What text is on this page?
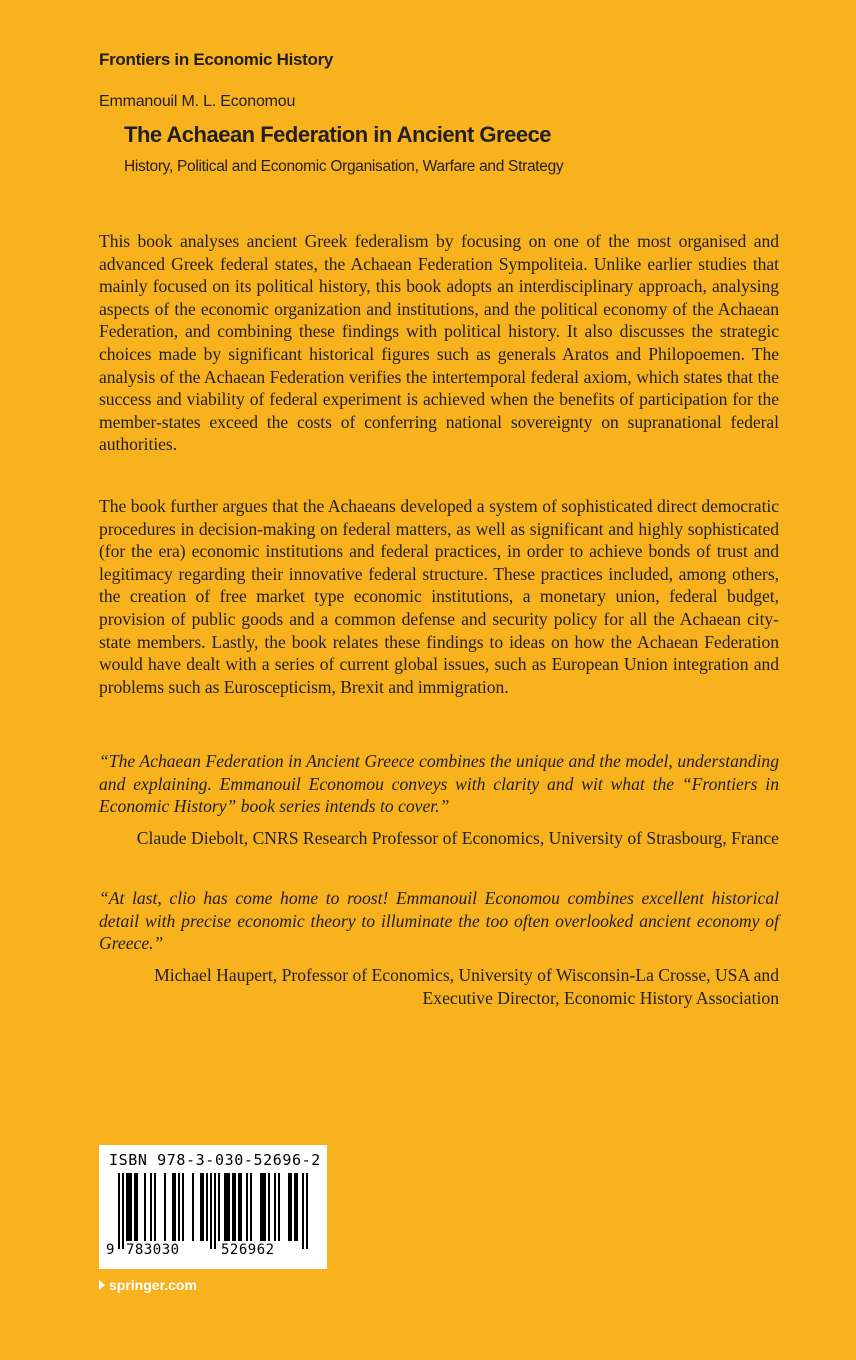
Frontiers in Economic History
Emmanouil M. L. Economou
The Achaean Federation in Ancient Greece
History, Political and Economic Organisation, Warfare and Strategy

This book analyses ancient Greek federalism by focusing on one of the most organised and advanced Greek federal states, the Achaean Federation Sympoliteia. Unlike earlier studies that mainly focused on its political history, this book adopts an interdisciplinary approach, analysing aspects of the economic organization and institutions, and the political economy of the Achaean Federation, and combining these findings with political history. It also discusses the strategic choices made by significant historical figures such as generals Aratos and Philopoemen. The analysis of the Achaean Federation verifies the intertemporal federal axiom, which states that the success and viability of federal experiment is achieved when the benefits of participation for the member-states exceed the costs of conferring national sovereignty on supranational federal authorities.

The book further argues that the Achaeans developed a system of sophisticated direct democratic procedures in decision-making on federal matters, as well as significant and highly sophisticated (for the era) economic institutions and federal practices, in order to achieve bonds of trust and legitimacy regarding their innovative federal structure. These practices included, among others, the creation of free market type economic institutions, a monetary union, federal budget, provision of public goods and a common defense and security policy for all the Achaean city-state members. Lastly, the book relates these findings to ideas on how the Achaean Federation would have dealt with a series of current global issues, such as European Union integration and problems such as Euroscepticism, Brexit and immigration.

“The Achaean Federation in Ancient Greece combines the unique and the model, understanding and explaining. Emmanouil Economou conveys with clarity and wit what the “Frontiers in Economic History” book series intends to cover.”

Claude Diebolt, CNRS Research Professor of Economics, University of Strasbourg, France

“At last, clio has come home to roost! Emmanouil Economou combines excellent historical detail with precise economic theory to illuminate the too often overlooked ancient economy of Greece.”

Michael Haupert, Professor of Economics, University of Wisconsin-La Crosse, USA and Executive Director, Economic History Association

ISBN 978-3-030-52696-2
9 783030	526962
springer.com
